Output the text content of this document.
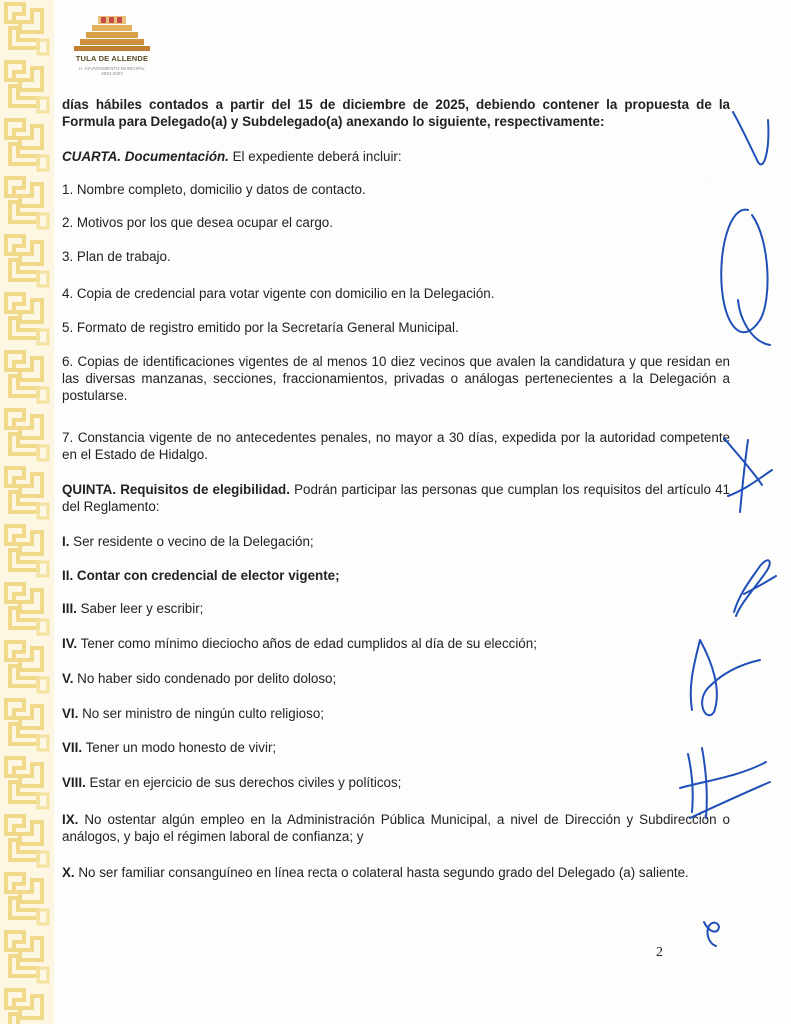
TULA DE ALLENDE
H. AYUNTAMIENTO MUNICIPAL 2024-2027

días hábiles contados a partir del 15 de diciembre de 2025, debiendo contener la propuesta de la Formula para Delegado(a) y Subdelegado(a) anexando lo siguiente, respectivamente:

CUARTA. Documentación. El expediente deberá incluir:

1. Nombre completo, domicilio y datos de contacto.

2. Motivos por los que desea ocupar el cargo.

3. Plan de trabajo.

4. Copia de credencial para votar vigente con domicilio en la Delegación.

5. Formato de registro emitido por la Secretaría General Municipal.

6. Copias de identificaciones vigentes de al menos 10 diez vecinos que avalen la candidatura y que residan en las diversas manzanas, secciones, fraccionamientos, privadas o análogas pertenecientes a la Delegación a postularse.

7. Constancia vigente de no antecedentes penales, no mayor a 30 días, expedida por la autoridad competente en el Estado de Hidalgo.

QUINTA. Requisitos de elegibilidad. Podrán participar las personas que cumplan los requisitos del artículo 41 del Reglamento:

I. Ser residente o vecino de la Delegación;

II. Contar con credencial de elector vigente;

III. Saber leer y escribir;

IV. Tener como mínimo dieciocho años de edad cumplidos al día de su elección;

V. No haber sido condenado por delito doloso;

VI. No ser ministro de ningún culto religioso;

VII. Tener un modo honesto de vivir;

VIII. Estar en ejercicio de sus derechos civiles y políticos;

IX. No ostentar algún empleo en la Administración Pública Municipal, a nivel de Dirección y Subdirección o análogos, y bajo el régimen laboral de confianza; y

X. No ser familiar consanguíneo en línea recta o colateral hasta segundo grado del Delegado (a) saliente.

2
· · ·
